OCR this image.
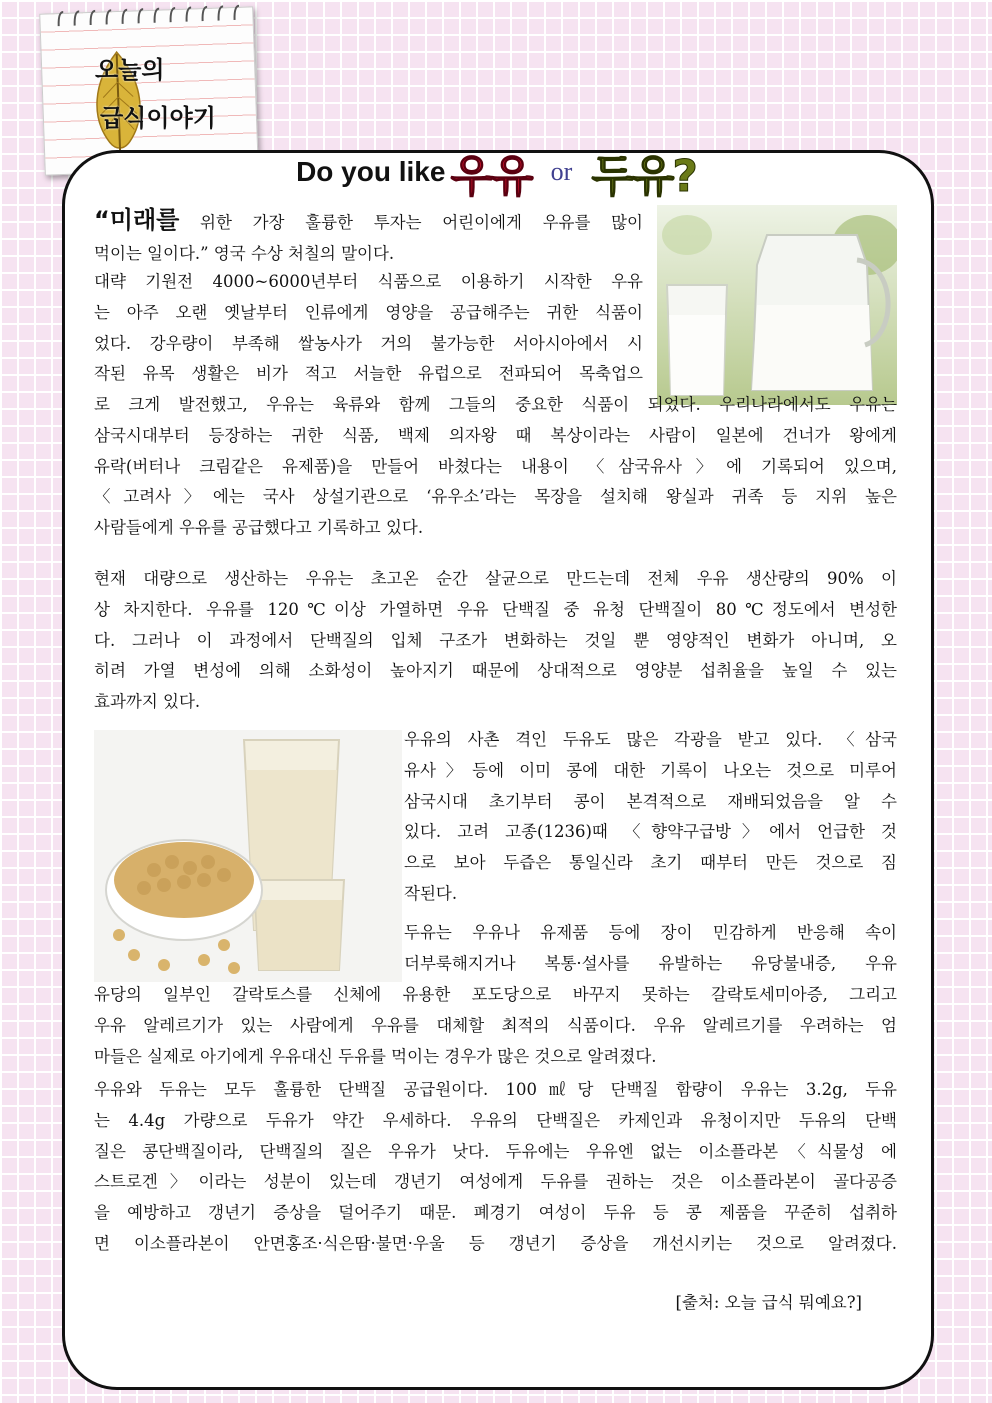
오늘의
급식이야기
Do you like 우유 or 두유?
“미래를 위한 가장 훌륭한 투자는 어린이에게 우유를 많이
먹이는 일이다.” 영국 수상 처칠의 말이다.
대략 기원전 4000~6000년부터 식품으로 이용하기 시작한 우유
는 아주 오랜 옛날부터 인류에게 영양을 공급해주는 귀한 식품이
었다. 강우량이 부족해 쌀농사가 거의 불가능한 서아시아에서 시
작된 유목 생활은 비가 적고 서늘한 유럽으로 전파되어 목축업으
로 크게 발전했고, 우유는 육류와 함께 그들의 중요한 식품이 되었다. 우리나라에서도 우유는
삼국시대부터 등장하는 귀한 식품, 백제 의자왕 때 복상이라는 사람이 일본에 건너가 왕에게
유락(버터나 크림같은 유제품)을 만들어 바쳤다는 내용이 〈삼국유사〉에 기록되어 있으며,
〈고려사〉에는 국사 상설기관으로 ‘유우소’라는 목장을 설치해 왕실과 귀족 등 지위 높은
사람들에게 우유를 공급했다고 기록하고 있다.
현재 대량으로 생산하는 우유는 초고온 순간 살균으로 만드는데 전체 우유 생산량의 90% 이
상 차지한다. 우유를 120℃이상 가열하면 우유 단백질 중 유청 단백질이 80℃정도에서 변성한
다. 그러나 이 과정에서 단백질의 입체 구조가 변화하는 것일 뿐 영양적인 변화가 아니며, 오
히려 가열 변성에 의해 소화성이 높아지기 때문에 상대적으로 영양분 섭취율을 높일 수 있는
효과까지 있다.
우유의 사촌 격인 두유도 많은 각광을 받고 있다. 〈삼국
유사〉등에 이미 콩에 대한 기록이 나오는 것으로 미루어
삼국시대 초기부터 콩이 본격적으로 재배되었음을 알 수
있다. 고려 고종(1236)때 〈향약구급방〉에서 언급한 것
으로 보아 두즙은 통일신라 초기 때부터 만든 것으로 짐
작된다.
두유는 우유나 유제품 등에 장이 민감하게 반응해 속이
더부룩해지거나 복통·설사를 유발하는 유당불내증, 우유
유당의 일부인 갈락토스를 신체에 유용한 포도당으로 바꾸지 못하는 갈락토세미아증, 그리고
우유 알레르기가 있는 사람에게 우유를 대체할 최적의 식품이다. 우유 알레르기를 우려하는 엄
마들은 실제로 아기에게 우유대신 두유를 먹이는 경우가 많은 것으로 알려졌다.
우유와 두유는 모두 훌륭한 단백질 공급원이다. 100㎖당 단백질 함량이 우유는 3.2g, 두유
는 4.4g 가량으로 두유가 약간 우세하다. 우유의 단백질은 카제인과 유청이지만 두유의 단백
질은 콩단백질이라, 단백질의 질은 우유가 낫다. 두유에는 우유엔 없는 이소플라본〈식물성 에
스트로겐〉이라는 성분이 있는데 갱년기 여성에게 두유를 권하는 것은 이소플라본이 골다공증
을 예방하고 갱년기 증상을 덜어주기 때문. 폐경기 여성이 두유 등 콩 제품을 꾸준히 섭취하
면 이소플라본이 안면홍조·식은땀·불면·우울 등 갱년기 증상을 개선시키는 것으로 알려졌다.
[출처: 오늘 급식 뭐예요?]
